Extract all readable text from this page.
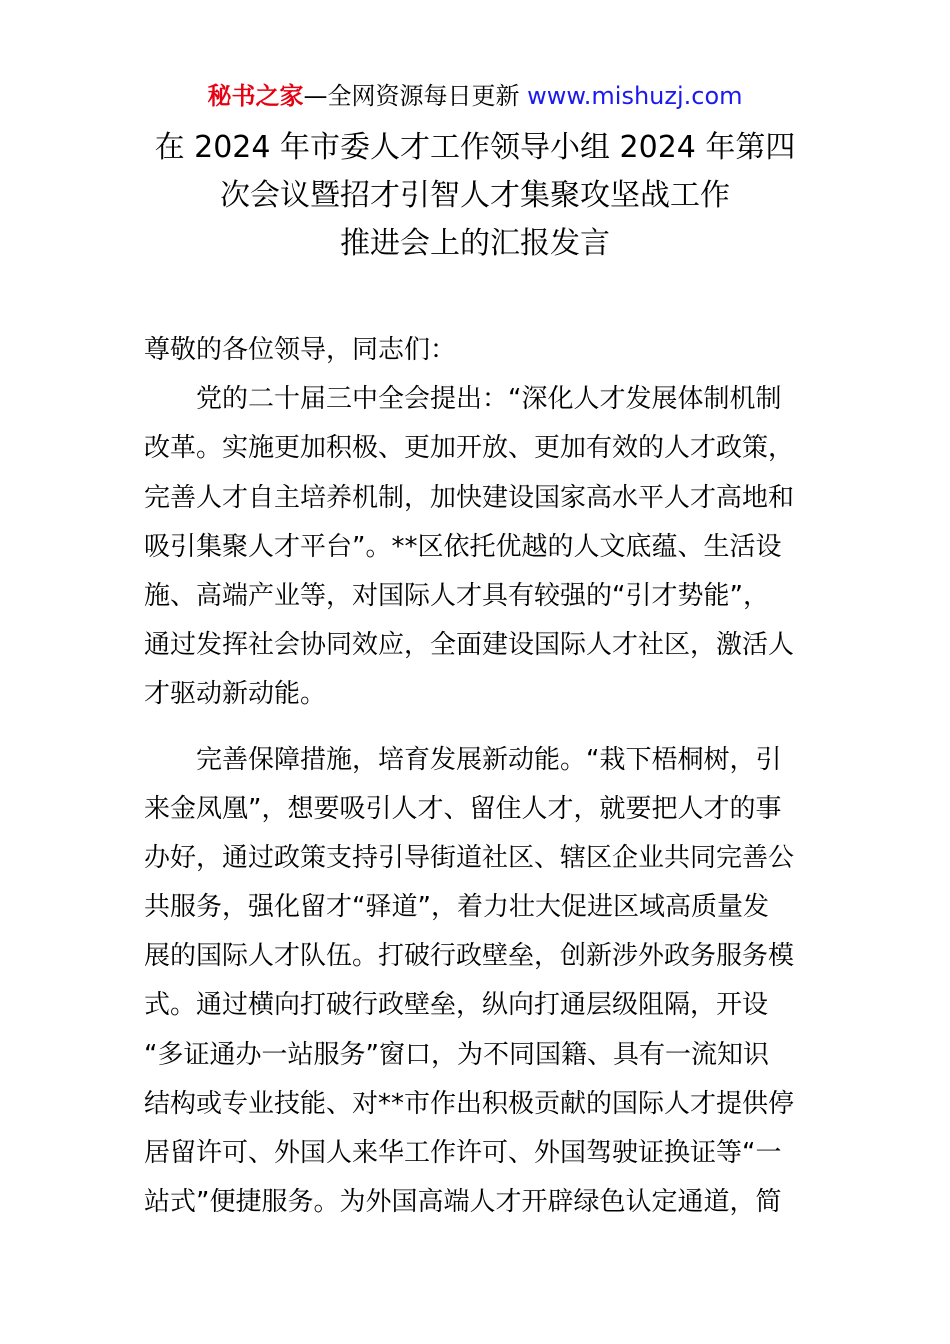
秘书之家—全网资源每日更新 www.mishuzj.com
在 2024 年市委人才工作领导小组 2024 年第四
次会议暨招才引智人才集聚攻坚战工作
推进会上的汇报发言
尊敬的各位领导，同志们：
　　党的二十届三中全会提出：“深化人才发展体制机制
改革。实施更加积极、更加开放、更加有效的人才政策，
完善人才自主培养机制，加快建设国家高水平人才高地和
吸引集聚人才平台”。**区依托优越的人文底蕴、生活设
施、高端产业等，对国际人才具有较强的“引才势能”，
通过发挥社会协同效应，全面建设国际人才社区，激活人
才驱动新动能。
　　完善保障措施，培育发展新动能。“栽下梧桐树，引
来金凤凰”，想要吸引人才、留住人才，就要把人才的事
办好，通过政策支持引导街道社区、辖区企业共同完善公
共服务，强化留才“驿道”，着力壮大促进区域高质量发
展的国际人才队伍。打破行政壁垒，创新涉外政务服务模
式。通过横向打破行政壁垒，纵向打通层级阻隔，开设
“多证通办一站服务”窗口，为不同国籍、具有一流知识
结构或专业技能、对**市作出积极贡献的国际人才提供停
居留许可、外国人来华工作许可、外国驾驶证换证等“一
站式”便捷服务。为外国高端人才开辟绿色认定通道，简
